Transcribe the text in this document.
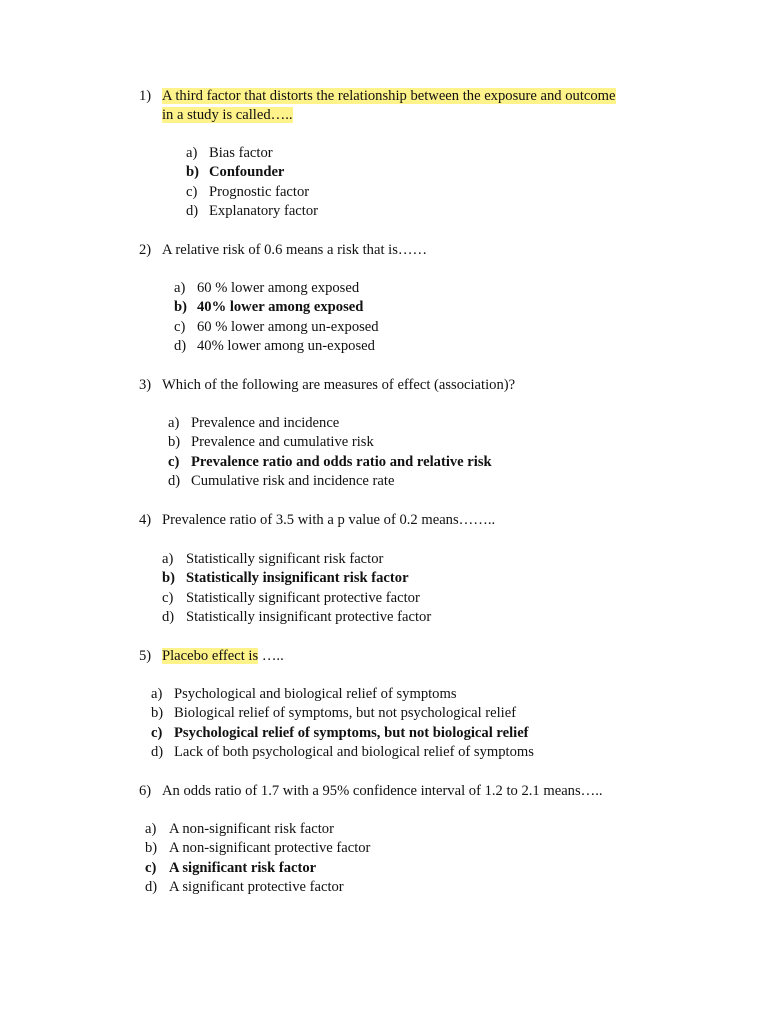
1) A third factor that distorts the relationship between the exposure and outcome
in a study is called…..
a) Bias factor
b) Confounder
c) Prognostic factor
d) Explanatory factor
2) A relative risk of 0.6 means a risk that is……
a) 60 % lower among exposed
b) 40% lower among exposed
c) 60 % lower among un-exposed
d) 40% lower among un-exposed
3) Which of the following are measures of effect (association)?
a) Prevalence and incidence
b) Prevalence and cumulative risk
c) Prevalence ratio and odds ratio and relative risk
d) Cumulative risk and incidence rate
4) Prevalence ratio of 3.5 with a p value of 0.2 means……..
a) Statistically significant risk factor
b) Statistically insignificant risk factor
c) Statistically significant protective factor
d) Statistically insignificant protective factor
5) Placebo effect is …..
a) Psychological and biological relief of symptoms
b) Biological relief of symptoms, but not psychological relief
c) Psychological relief of symptoms, but not biological relief
d) Lack of both psychological and biological relief of symptoms
6) An odds ratio of 1.7 with a 95% confidence interval of 1.2 to 2.1 means…..
a) A non-significant risk factor
b) A non-significant protective factor
c) A significant risk factor
d) A significant protective factor
